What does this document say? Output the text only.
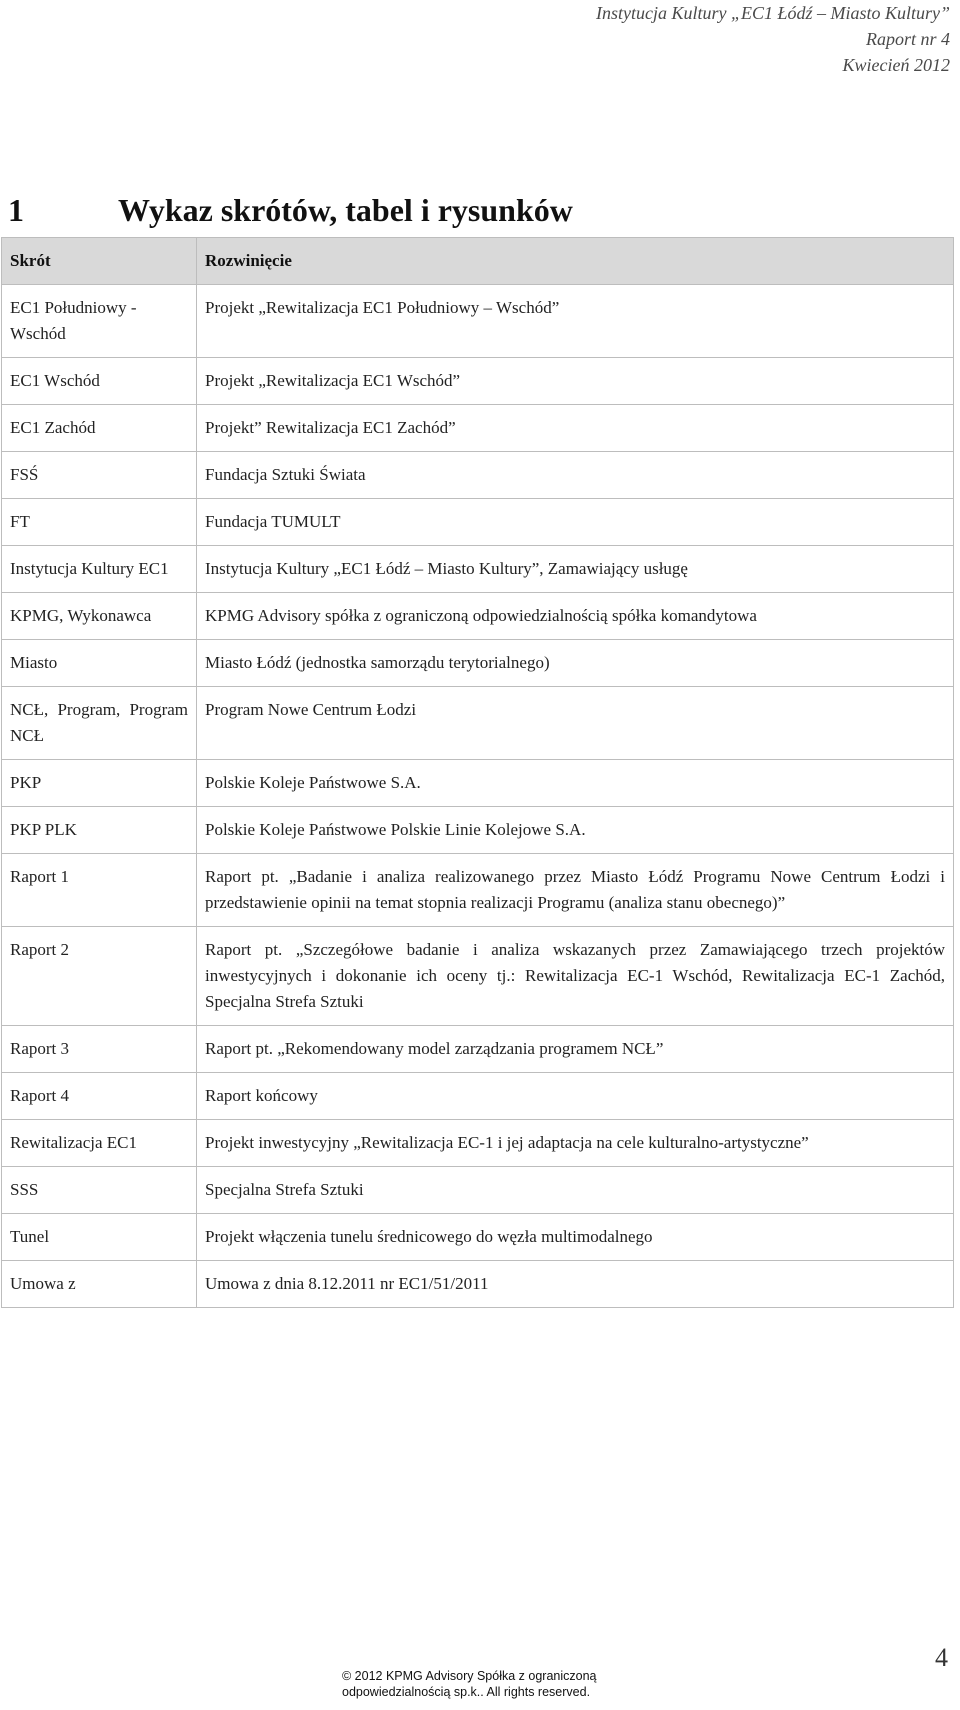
Instytucja Kultury „EC1 Łódź – Miasto Kultury”
Raport nr 4
Kwiecień 2012
1	Wykaz skrótów, tabel i rysunków
Skrót	Rozwinięcie
EC1 Południowy - Wschód	Projekt „Rewitalizacja EC1 Południowy – Wschód”
EC1 Wschód	Projekt „Rewitalizacja EC1 Wschód”
EC1 Zachód	Projekt” Rewitalizacja EC1 Zachód”
FSŚ	Fundacja Sztuki Świata
FT	Fundacja TUMULT
Instytucja Kultury EC1	Instytucja Kultury „EC1 Łódź – Miasto Kultury”, Zamawiający usługę
KPMG, Wykonawca	KPMG Advisory spółka z ograniczoną odpowiedzialnością spółka komandytowa
Miasto	Miasto Łódź (jednostka samorządu terytorialnego)
NCŁ, Program, Program NCŁ	Program Nowe Centrum Łodzi
PKP	Polskie Koleje Państwowe S.A.
PKP PLK	Polskie Koleje Państwowe Polskie Linie Kolejowe S.A.
Raport 1	Raport pt. „Badanie i analiza realizowanego przez Miasto Łódź Programu Nowe Centrum Łodzi i przedstawienie opinii na temat stopnia realizacji Programu (analiza stanu obecnego)”
Raport 2	Raport pt. „Szczegółowe badanie i analiza wskazanych przez Zamawiającego trzech projektów inwestycyjnych i dokonanie ich oceny tj.: Rewitalizacja EC-1 Wschód, Rewitalizacja EC-1 Zachód, Specjalna Strefa Sztuki
Raport 3	Raport pt. „Rekomendowany model zarządzania programem NCŁ”
Raport 4	Raport końcowy
Rewitalizacja EC1	Projekt inwestycyjny „Rewitalizacja EC-1 i jej adaptacja na cele kulturalno-artystyczne”
SSS	Specjalna Strefa Sztuki
Tunel	Projekt włączenia tunelu średnicowego do węzła multimodalnego
Umowa z	Umowa z dnia 8.12.2011 nr EC1/51/2011
© 2012 KPMG Advisory Spółka z ograniczoną
odpowiedzialnością sp.k.. All rights reserved.
4
